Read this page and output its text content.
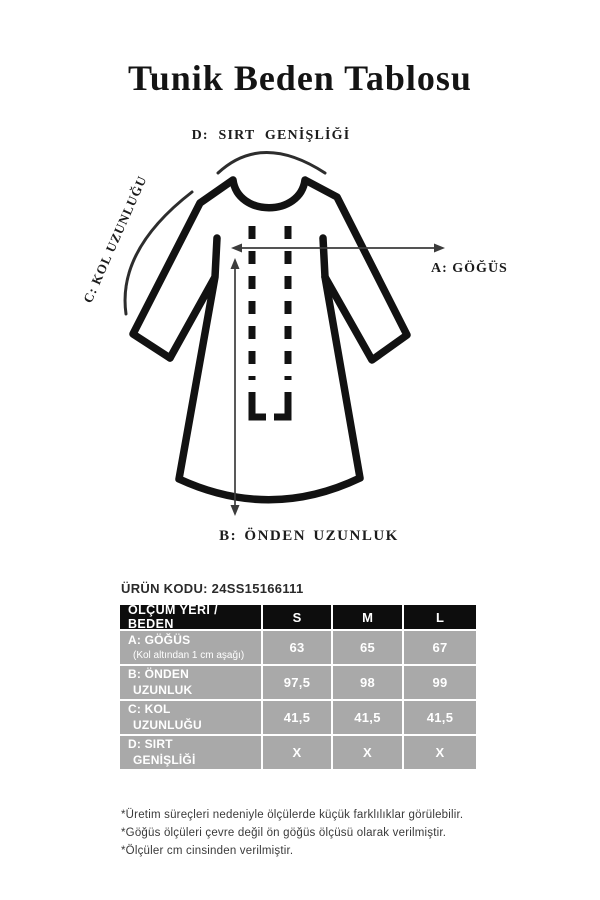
Tunik Beden Tablosu
D: SIRT GENİŞLİĞİ
C: KOL UZUNLUĞU	A: GÖĞÜS
B: ÖNDEN UZUNLUK
ÜRÜN KODU: 24SS15166111
ÖLÇÜM YERİ / BEDEN	S	M	L
A: GÖĞÜS
(Kol altından 1 cm aşağı)
63	65	67
B: ÖNDEN
UZUNLUK	97,5	98	99
C: KOL
UZUNLUĞU	41,5	41,5	41,5
D: SIRT
GENİŞLİĞİ	X	X	X
*Üretim süreçleri nedeniyle ölçülerde küçük farklılıklar görülebilir.
*Göğüs ölçüleri çevre değil ön göğüs ölçüsü olarak verilmiştir.
*Ölçüler cm cinsinden verilmiştir.
